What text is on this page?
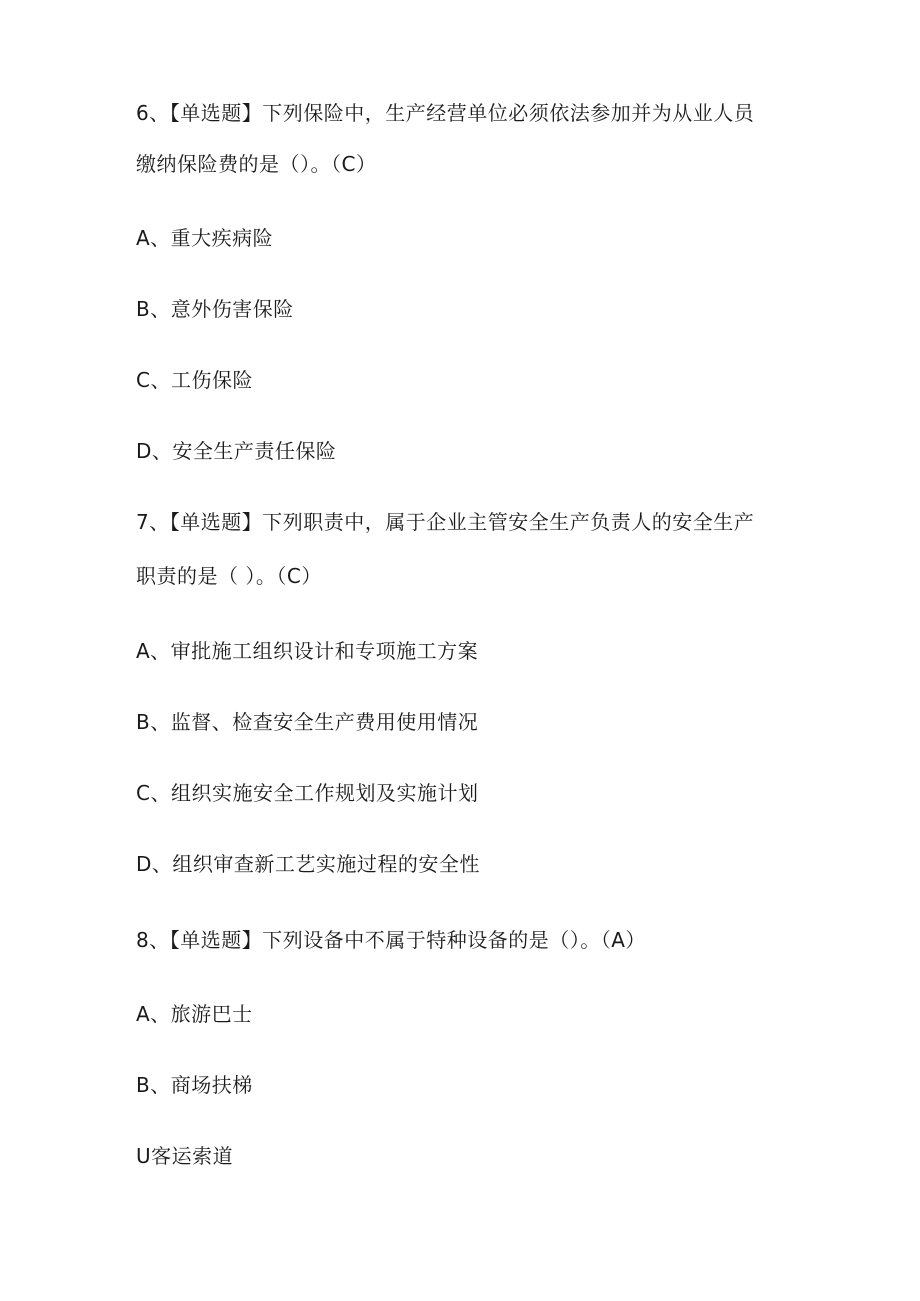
6、【单选题】下列保险中，生产经营单位必须依法参加并为从业人员

缴纳保险费的是（）。（C）

A、重大疾病险

B、意外伤害保险

C、工伤保险

D、安全生产责任保险

7、【单选题】下列职责中，属于企业主管安全生产负责人的安全生产

职责的是（ ）。（C）

A、审批施工组织设计和专项施工方案

B、监督、检查安全生产费用使用情况

C、组织实施安全工作规划及实施计划

D、组织审查新工艺实施过程的安全性

8、【单选题】下列设备中不属于特种设备的是（）。（A）

A、旅游巴士

B、商场扶梯

U客运索道
